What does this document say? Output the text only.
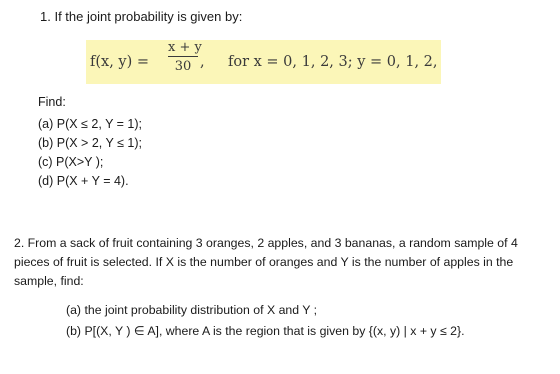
1. If the joint probability is given by:
f(x, y) =
x + y
30 , for x = 0, 1, 2, 3; y = 0, 1, 2,
Find:
(a) P(X ≤ 2, Y = 1);
(b) P(X > 2, Y ≤ 1);
(c) P(X>Y );
(d) P(X + Y = 4).

2. From a sack of fruit containing 3 oranges, 2 apples, and 3 bananas, a random sample of 4 pieces of fruit is selected. If X is the number of oranges and Y is the number of apples in the sample, find:

(a) the joint probability distribution of X and Y ;
(b) P[(X, Y ) ∈ A], where A is the region that is given by {(x, y) | x + y ≤ 2}.
